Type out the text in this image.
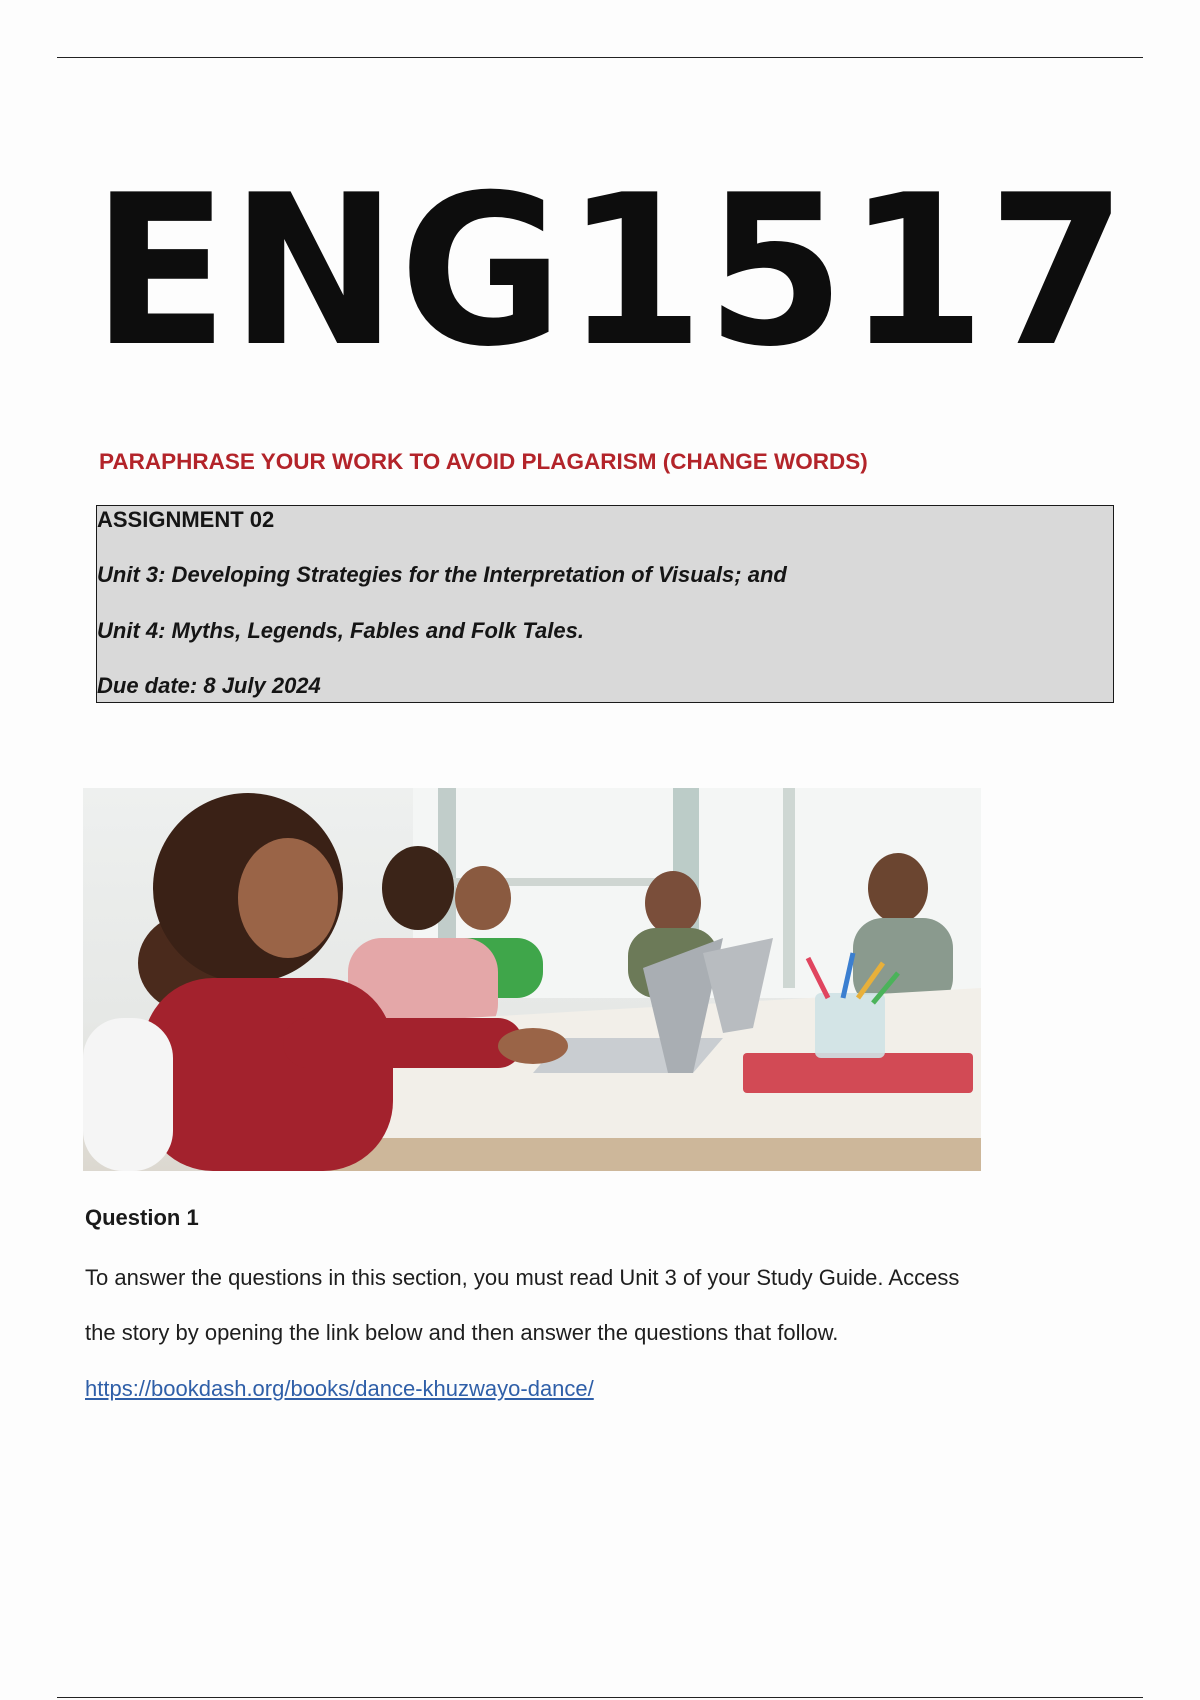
ENG1517
PARAPHRASE YOUR WORK TO AVOID PLAGARISM (CHANGE WORDS)
ASSIGNMENT 02
Unit 3: Developing Strategies for the Interpretation of Visuals; and
Unit 4: Myths, Legends, Fables and Folk Tales.
Due date: 8 July 2024
Question 1
To answer the questions in this section, you must read Unit 3 of your Study Guide. Access
the story by opening the link below and then answer the questions that follow.
https://bookdash.org/books/dance-khuzwayo-dance/
